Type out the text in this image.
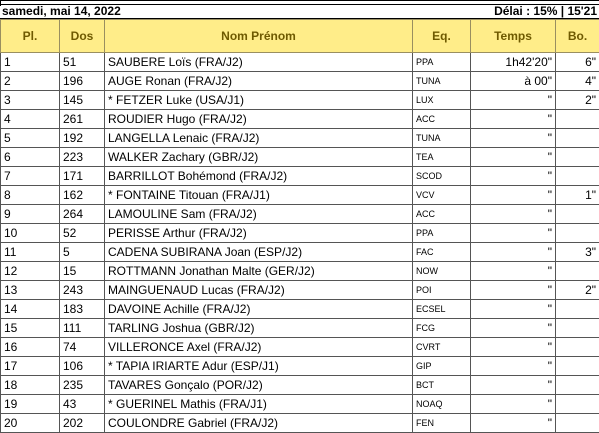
samedi, mai 14, 2022	Délai : 15% | 15'21
Pl.	Dos	Nom Prénom	Eq.	Temps	Bo.
1	51	SAUBERE Loïs (FRA/J2)	PPA	1h42'20"	6"
2	196	AUGE Ronan (FRA/J2)	TUNA	à 00"	4"
3	145	* FETZER Luke (USA/J1)	LUX	"	2"
4	261	ROUDIER Hugo (FRA/J2)	ACC	"	
5	192	LANGELLA Lenaic (FRA/J2)	TUNA	"	
6	223	WALKER Zachary (GBR/J2)	TEA	"	
7	171	BARRILLOT Bohémond (FRA/J2)	SCOD	"	
8	162	* FONTAINE Titouan (FRA/J1)	VCV	"	1"
9	264	LAMOULINE Sam (FRA/J2)	ACC	"	
10	52	PERISSE Arthur (FRA/J2)	PPA	"	
11	5	CADENA SUBIRANA Joan (ESP/J2)	FAC	"	3"
12	15	ROTTMANN Jonathan Malte (GER/J2)	NOW	"	
13	243	MAINGUENAUD Lucas (FRA/J2)	POI	"	2"
14	183	DAVOINE Achille (FRA/J2)	ECSEL	"	
15	111	TARLING Joshua (GBR/J2)	FCG	"	
16	74	VILLERONCE Axel (FRA/J2)	CVRT	"	
17	106	* TAPIA IRIARTE Adur (ESP/J1)	GIP	"	
18	235	TAVARES Gonçalo (POR/J2)	BCT	"	
19	43	* GUERINEL Mathis (FRA/J1)	NOAQ	"	
20	202	COULONDRE Gabriel (FRA/J2)	FEN	"	
